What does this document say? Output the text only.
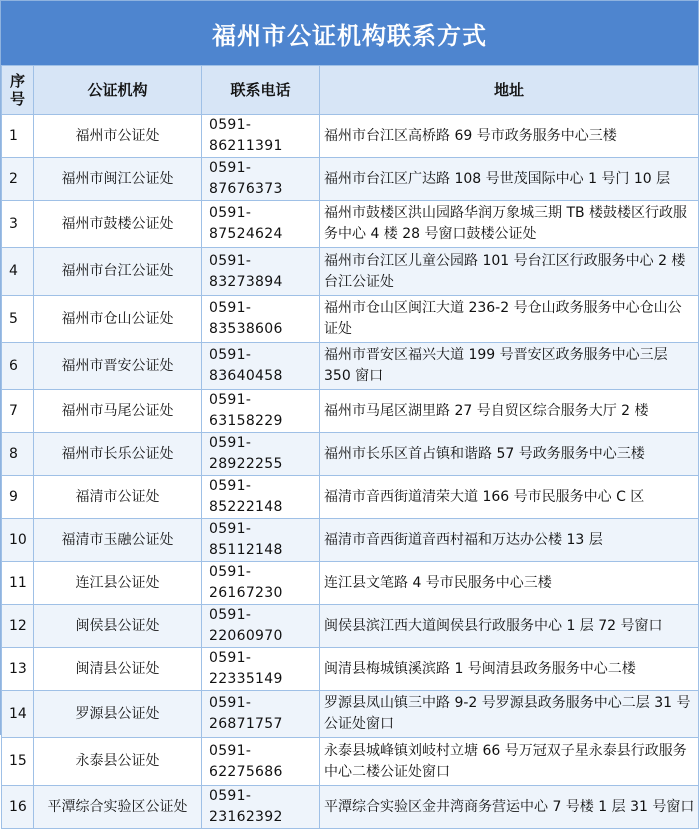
福州市公证机构联系方式
序号	公证机构	联系电话	地址
1	福州市公证处	0591-86211391	福州市台江区高桥路 69 号市政务服务中心三楼
2	福州市闽江公证处	0591-87676373	福州市台江区广达路 108 号世茂国际中心 1 号门 10 层
3	福州市鼓楼公证处	0591-87524624	福州市鼓楼区洪山园路华润万象城三期 TB 楼鼓楼区行政服务中心 4 楼 28 号窗口鼓楼公证处
4	福州市台江公证处	0591-83273894	福州市台江区儿童公园路 101 号台江区行政服务中心 2 楼台江公证处
5	福州市仓山公证处	0591-83538606	福州市仓山区闽江大道 236-2 号仓山政务服务中心仓山公证处
6	福州市晋安公证处	0591-83640458	福州市晋安区福兴大道 199 号晋安区政务服务中心三层 350 窗口
7	福州市马尾公证处	0591-63158229	福州市马尾区湖里路 27 号自贸区综合服务大厅 2 楼
8	福州市长乐公证处	0591-28922255	福州市长乐区首占镇和谐路 57 号政务服务中心三楼
9	福清市公证处	0591-85222148	福清市音西街道清荣大道 166 号市民服务中心 C 区
10	福清市玉融公证处	0591-85112148	福清市音西街道音西村福和万达办公楼 13 层
11	连江县公证处	0591-26167230	连江县文笔路 4 号市民服务中心三楼
12	闽侯县公证处	0591-22060970	闽侯县滨江西大道闽侯县行政服务中心 1 层 72 号窗口
13	闽清县公证处	0591-22335149	闽清县梅城镇溪滨路 1 号闽清县政务服务中心二楼
14	罗源县公证处	0591-26871757	罗源县凤山镇三中路 9-2 号罗源县政务服务中心二层 31 号公证处窗口
15	永泰县公证处	0591-62275686	永泰县城峰镇刘岐村立塘 66 号万冠双子星永泰县行政服务中心二楼公证处窗口
16	平潭综合实验区公证处	0591-23162392	平潭综合实验区金井湾商务营运中心 7 号楼 1 层 31 号窗口
